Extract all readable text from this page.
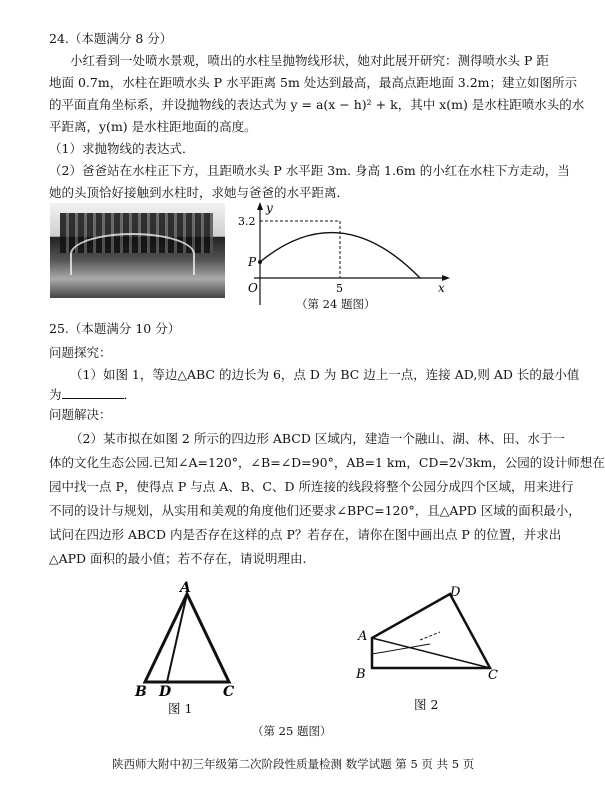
24.（本题满分 8 分）
小红看到一处喷水景观，喷出的水柱呈抛物线形状，她对此展开研究：测得喷水头 P 距
地面 0.7m，水柱在距喷水头 P 水平距离 5m 处达到最高，最高点距地面 3.2m；建立如图所示
的平面直角坐标系，并设抛物线的表达式为 y = a(x − h)² + k，其中 x(m) 是水柱距喷水头的水
平距离，y(m) 是水柱距地面的高度。
（1）求抛物线的表达式．
（2）爸爸站在水柱正下方，且距喷水头 P 水平距 3m. 身高 1.6m 的小红在水柱下方走动，当
她的头顶恰好接触到水柱时，求她与爸爸的水平距离．
y
x
O
P
3.2
5
（第 24 题图）
25.（本题满分 10 分）
问题探究：
（1）如图 1，等边△ABC 的边长为 6，点 D 为 BC 边上一点，连接 AD,则 AD 长的最小值
为	．
问题解决：
（2）某市拟在如图 2 所示的四边形 ABCD 区域内，建造一个融山、湖、林、田、水于一
体的文化生态公园.已知∠A=120°，∠B=∠D=90°，AB=1 km，CD=2√3km，公园的设计师想在
园中找一点 P，使得点 P 与点 A、B、C、D 所连接的线段将整个公园分成四个区域，用来进行
不同的设计与规划，从实用和美观的角度他们还要求∠BPC=120°，且△APD 区域的面积最小，
试问在四边形 ABCD 内是否存在这样的点 P？若存在，请你在图中画出点 P 的位置，并求出
△APD 面积的最小值；若不存在，请说明理由.
A
B D	C
图 1
A
B	C
D
图 2
（第 25 题图）
陕西师大附中初三年级第二次阶段性质量检测 数学试题 第 5 页 共 5 页
